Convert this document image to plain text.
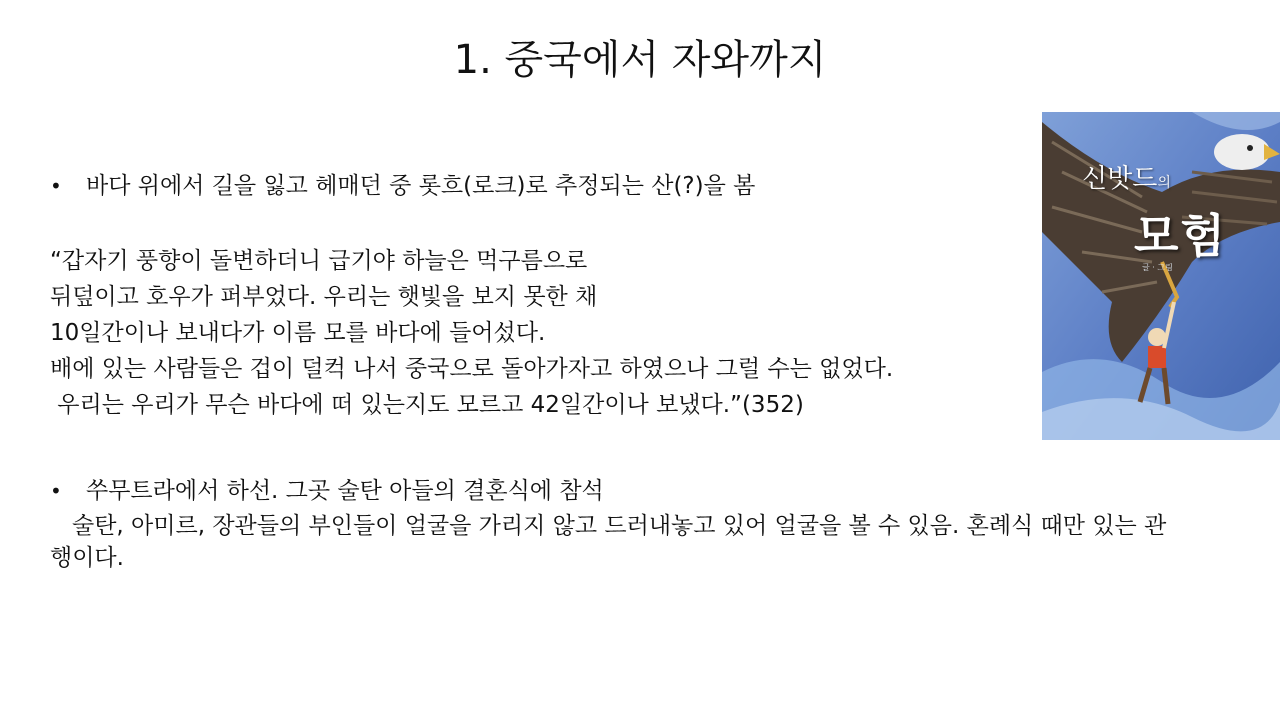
1. 중국에서 자와까지
• 바다 위에서 길을 잃고 헤매던 중 롯흐(로크)로 추정되는 산(?)을 봄
“갑자기 풍향이 돌변하더니 급기야 하늘은 먹구름으로
뒤덮이고 호우가 퍼부었다. 우리는 햇빛을 보지 못한 채
10일간이나 보내다가 이름 모를 바다에 들어섰다.
배에 있는 사람들은 겁이 덜컥 나서 중국으로 돌아가자고 하였으나 그럴 수는 없었다.
우리는 우리가 무슨 바다에 떠 있는지도 모르고 42일간이나 보냈다.”(352)
• 쑤무트라에서 하선. 그곳 술탄 아들의 결혼식에 참석
술탄, 아미르, 장관들의 부인들이 얼굴을 가리지 않고 드러내놓고 있어 얼굴을 볼 수 있음. 혼례식 때만 있는 관행이다.
신밧드의
모험
글 · 그림
